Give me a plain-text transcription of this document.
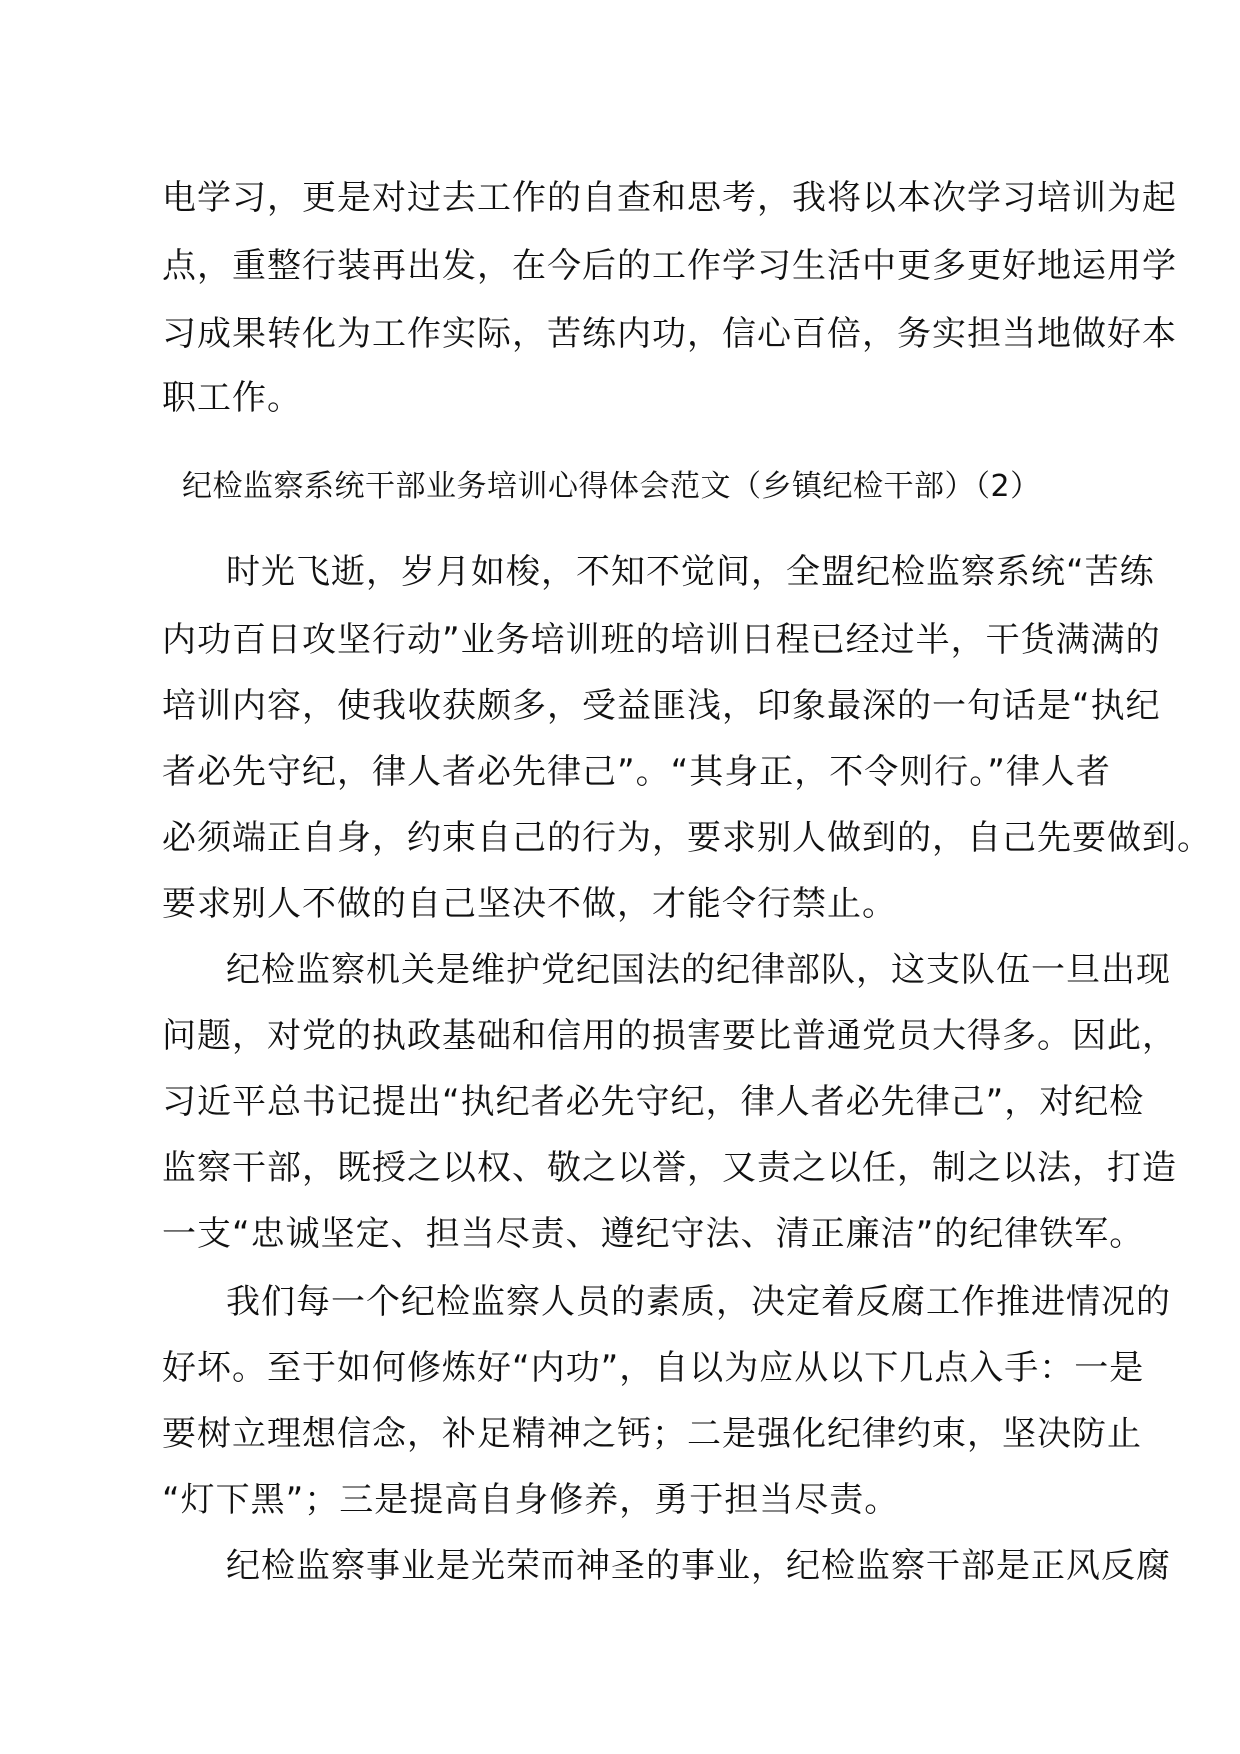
电学习，更是对过去工作的自查和思考，我将以本次学习培训为起
点，重整行装再出发，在今后的工作学习生活中更多更好地运用学
习成果转化为工作实际，苦练内功，信心百倍，务实担当地做好本
职工作。
纪检监察系统干部业务培训心得体会范文（乡镇纪检干部）（2）
时光飞逝，岁月如梭，不知不觉间，全盟纪检监察系统“苦练
内功百日攻坚行动”业务培训班的培训日程已经过半，干货满满的
培训内容，使我收获颇多，受益匪浅，印象最深的一句话是“执纪
者必先守纪，律人者必先律己”。“其身正，不令则行。”律人者
必须端正自身，约束自己的行为，要求别人做到的，自己先要做到。
要求别人不做的自己坚决不做，才能令行禁止。
纪检监察机关是维护党纪国法的纪律部队，这支队伍一旦出现
问题，对党的执政基础和信用的损害要比普通党员大得多。因此，
习近平总书记提出“执纪者必先守纪，律人者必先律己”，对纪检
监察干部，既授之以权、敬之以誉，又责之以任，制之以法，打造
一支“忠诚坚定、担当尽责、遵纪守法、清正廉洁”的纪律铁军。
我们每一个纪检监察人员的素质，决定着反腐工作推进情况的
好坏。至于如何修炼好“内功”，自以为应从以下几点入手：一是
要树立理想信念，补足精神之钙；二是强化纪律约束，坚决防止
“灯下黑”；三是提高自身修养，勇于担当尽责。
纪检监察事业是光荣而神圣的事业，纪检监察干部是正风反腐
